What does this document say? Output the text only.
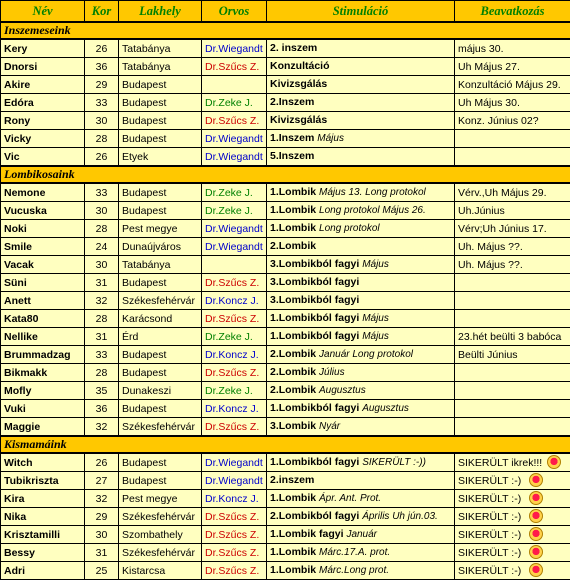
Név	Kor	Lakhely	Orvos	Stimuláció	Beavatkozás
Inszemeseink					
Kery	26	Tatabánya	Dr.Wiegandt	2. inszem	május 30.
Dnorsi	36	Tatabánya	Dr.Szűcs Z.	Konzultáció	Uh Május 27.
Akire	29	Budapest		Kivizsgálás	Konzultáció Május 29.
Edóra	33	Budapest	Dr.Zeke J.	2.Inszem	Uh Május 30.
Rony	30	Budapest	Dr.Szűcs Z.	Kivizsgálás	Konz. Június 02?
Vicky	28	Budapest	Dr.Wiegandt	1.Inszem Május	
Vic	26	Etyek	Dr.Wiegandt	5.Inszem	
Lombikosaink					
Nemone	33	Budapest	Dr.Zeke J.	1.Lombik Május 13. Long protokol	Vérv.,Uh Május 29.
Vucuska	30	Budapest	Dr.Zeke J.	1.Lombik Long protokol Május 26.	Uh.Június
Noki	28	Pest megye	Dr.Wiegandt	1.Lombik Long protokol	Vérv;Uh Június 17.
Smile	24	Dunaújváros	Dr.Wiegandt	2.Lombik	Uh. Május ??.
Vacak	30	Tatabánya		3.Lombikból fagyi Május	Uh. Május ??.
Süni	31	Budapest	Dr.Szűcs Z.	3.Lombikból fagyi	
Anett	32	Székesfehérvár	Dr.Koncz J.	3.Lombikból fagyi	
Kata80	28	Karácsond	Dr.Szűcs Z.	1.Lombikból fagyi Május	
Nellike	31	Érd	Dr.Zeke J.	1.Lombikból fagyi Május	23.hét beülti 3 babóca
Brummadzag	33	Budapest	Dr.Koncz J.	2.Lombik Január Long protokol	Beülti Június
Bikmakk	28	Budapest	Dr.Szűcs Z.	2.Lombik Július	
Mofly	35	Dunakeszi	Dr.Zeke J.	2.Lombik Augusztus	
Vuki	36	Budapest	Dr.Koncz J.	1.Lombikból fagyi Augusztus	
Maggie	32	Székesfehérvár	Dr.Szűcs Z.	3.Lombik Nyár	
Kismamáink					
Witch	26	Budapest	Dr.Wiegandt	1.Lombikból fagyi SIKERÜLT :-))	SIKERÜLT ikrek!!!

Tubikriszta	27	Budapest	Dr.Wiegandt	2.inszem	SIKERÜLT :-)

Kira	32	Pest megye	Dr.Koncz J.	1.Lombik Ápr. Ant. Prot.	SIKERÜLT :-)

Nika	29	Székesfehérvár	Dr.Szűcs Z.	2.Lombikból fagyi Április Uh jún.03.	SIKERÜLT :-)

Krisztamilli	30	Szombathely	Dr.Szűcs Z.	1.Lombik fagyi Január	SIKERÜLT :-)

Bessy	31	Székesfehérvár	Dr.Szűcs Z.	1.Lombik Márc.17.A. prot.	SIKERÜLT :-)

Adri	25	Kistarcsa	Dr.Szűcs Z.	1.Lombik Márc.Long prot.	SIKERÜLT :-)
